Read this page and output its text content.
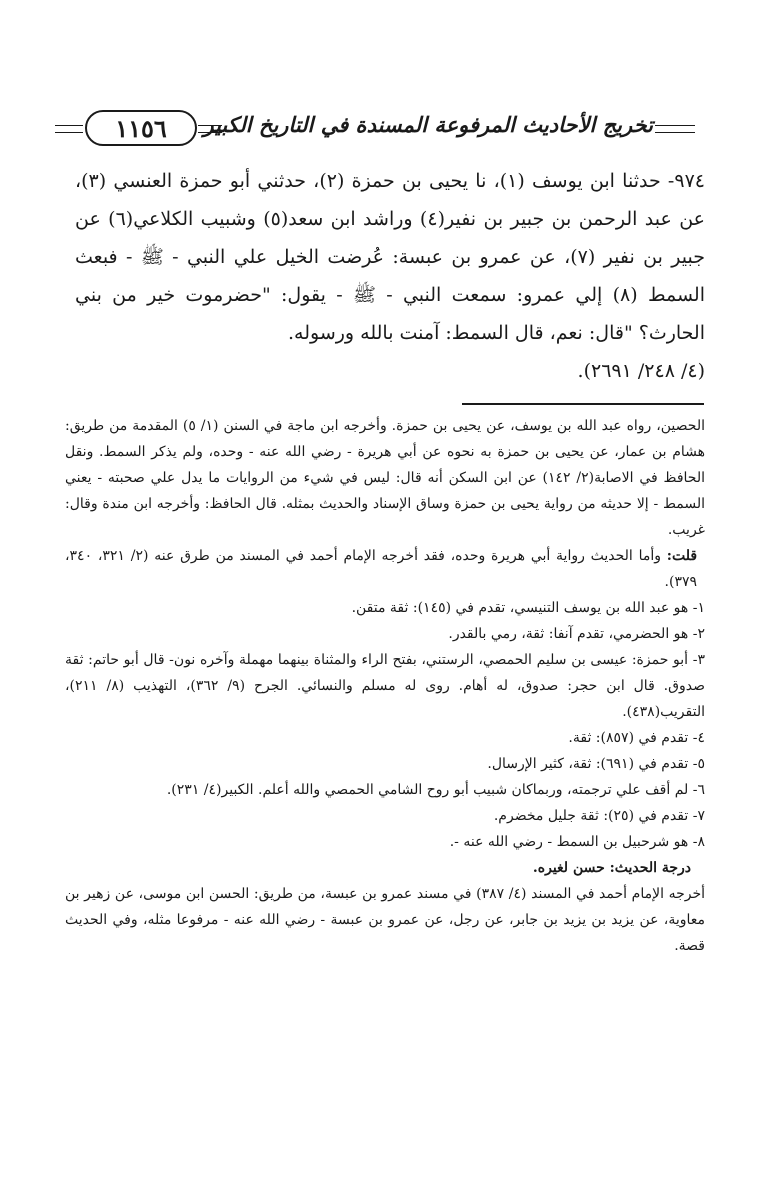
١١٥٦	تخريج الأحاديث المرفوعة المسندة في التاريخ الكبير

٩٧٤- حدثنا ابن يوسف (١)، نا يحيى بن حمزة (٢)، حدثني أبو حمزة العنسي (٣)، عن عبد الرحمن بن جبير بن نفير(٤) وراشد ابن سعد(٥) وشبيب الكلاعي(٦) عن جبير بن نفير (٧)، عن عمرو بن عبسة: عُرضت الخيل علي النبي - ﷺ - فبعث السمط (٨) إلي عمرو: سمعت النبي - ﷺ - يقول: "حضرموت خير من بني الحارث؟ "قال: نعم، قال السمط: آمنت بالله ورسوله.

(٤/ ٢٤٨/ ٢٦٩١).

الحصين، رواه عبد الله بن يوسف، عن يحيى بن حمزة. وأخرجه ابن ماجة في السنن (١/ ٥) المقدمة من طريق: هشام بن عمار، عن يحيى بن حمزة به نحوه عن أبي هريرة - رضي الله عنه - وحده، ولم يذكر السمط. ونقل الحافظ في الاصابة(٢/ ١٤٢) عن ابن السكن أنه قال: ليس في شيء من الروايات ما يدل علي صحبته - يعني السمط - إلا حديثه من رواية يحيى بن حمزة وساق الإسناد والحديث بمثله. قال الحافظ: وأخرجه ابن مندة وقال: غريب.

قلت: وأما الحديث رواية أبي هريرة وحده، فقد أخرجه الإمام أحمد في المسند من طرق عنه (٢/ ٣٢١، ٣٤٠، ٣٧٩).

١- هو عبد الله بن يوسف التنيسي، تقدم في (١٤٥): ثقة متقن.

٢- هو الحضرمي، تقدم آنفا: ثقة، رمي بالقدر.

٣- أبو حمزة: عيسى بن سليم الحمصي، الرستني، بفتح الراء والمثناة بينهما مهملة وآخره نون- قال أبو حاتم: ثقة صدوق. قال ابن حجر: صدوق، له أهام. روى له مسلم والنسائي. الجرح (٩/ ٣٦٢)، التهذيب (٨/ ٢١١)، التقريب(٤٣٨).

٤- تقدم في (٨٥٧): ثقة.

٥- تقدم في (٦٩١): ثقة، كثير الإرسال.

٦- لم أقف علي ترجمته، وربماكان شبيب أبو روح الشامي الحمصي والله أعلم. الكبير(٤/ ٢٣١).

٧- تقدم في (٢٥): ثقة جليل مخضرم.

٨- هو شرحبيل بن السمط - رضي الله عنه -.

درجة الحديث: حسن لغيره.

أخرجه الإمام أحمد في المسند (٤/ ٣٨٧) في مسند عمرو بن عبسة، من طريق: الحسن ابن موسى، عن زهير بن معاوية، عن يزيد بن يزيد بن جابر، عن رجل، عن عمرو بن عبسة - رضي الله عنه - مرفوعا مثله، وفي الحديث قصة.
